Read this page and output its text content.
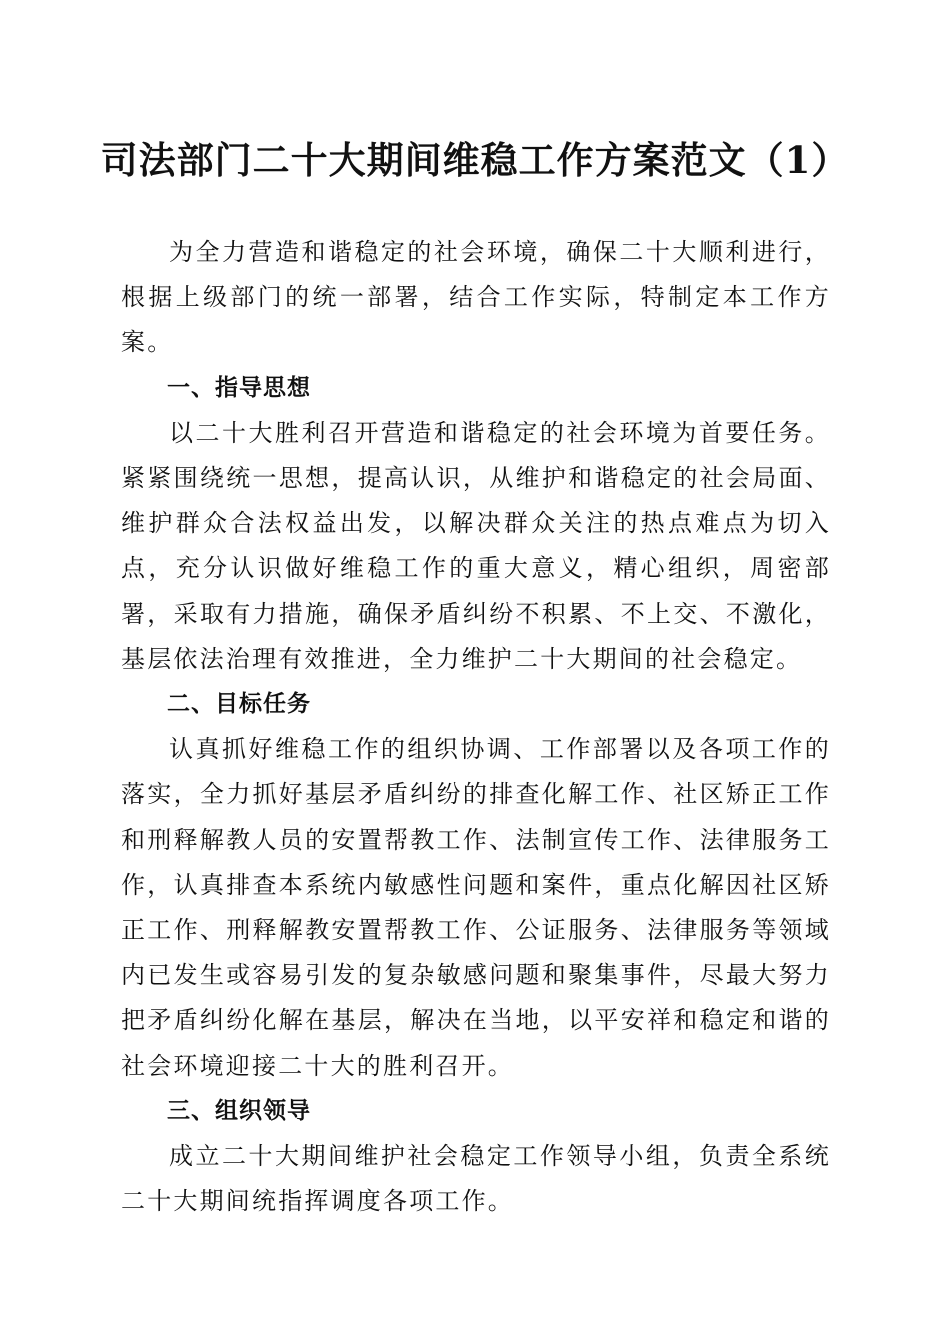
司法部门二十大期间维稳工作方案范文（1）

为全力营造和谐稳定的社会环境，确保二十大顺利进行，根据上级部门的统一部署，结合工作实际，特制定本工作方案。

一、指导思想

以二十大胜利召开营造和谐稳定的社会环境为首要任务。紧紧围绕统一思想，提高认识，从维护和谐稳定的社会局面、维护群众合法权益出发，以解决群众关注的热点难点为切入点，充分认识做好维稳工作的重大意义，精心组织，周密部署，采取有力措施，确保矛盾纠纷不积累、不上交、不激化，基层依法治理有效推进，全力维护二十大期间的社会稳定。

二、目标任务

认真抓好维稳工作的组织协调、工作部署以及各项工作的落实，全力抓好基层矛盾纠纷的排查化解工作、社区矫正工作和刑释解教人员的安置帮教工作、法制宣传工作、法律服务工作，认真排查本系统内敏感性问题和案件，重点化解因社区矫正工作、刑释解教安置帮教工作、公证服务、法律服务等领域内已发生或容易引发的复杂敏感问题和聚集事件，尽最大努力把矛盾纠纷化解在基层，解决在当地，以平安祥和稳定和谐的社会环境迎接二十大的胜利召开。

三、组织领导

成立二十大期间维护社会稳定工作领导小组，负责全系统二十大期间统指挥调度各项工作。
